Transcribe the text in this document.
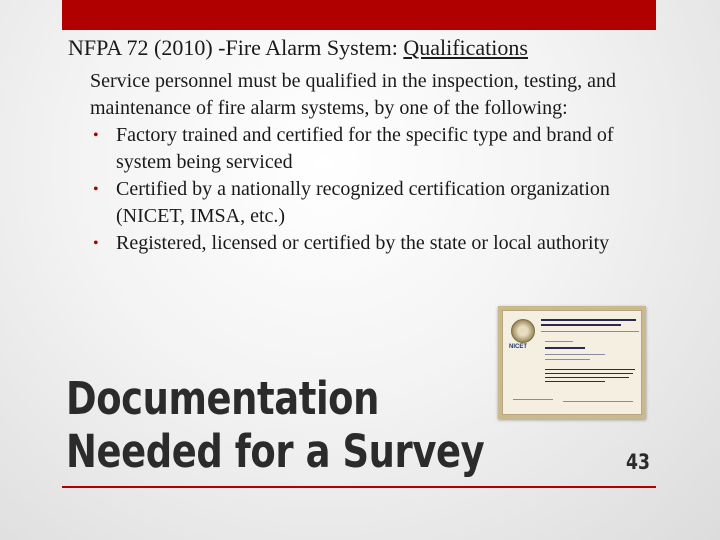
NFPA 72 (2010) -Fire Alarm System: Qualifications
Service personnel must be qualified in the inspection, testing, and maintenance of fire alarm systems, by one of the following:
• Factory trained and certified for the specific type and brand of system being serviced
• Certified by a nationally recognized certification organization (NICET, IMSA, etc.)
• Registered, licensed or certified by the state or local authority
NICET
Documentation
Needed for a Survey	43
